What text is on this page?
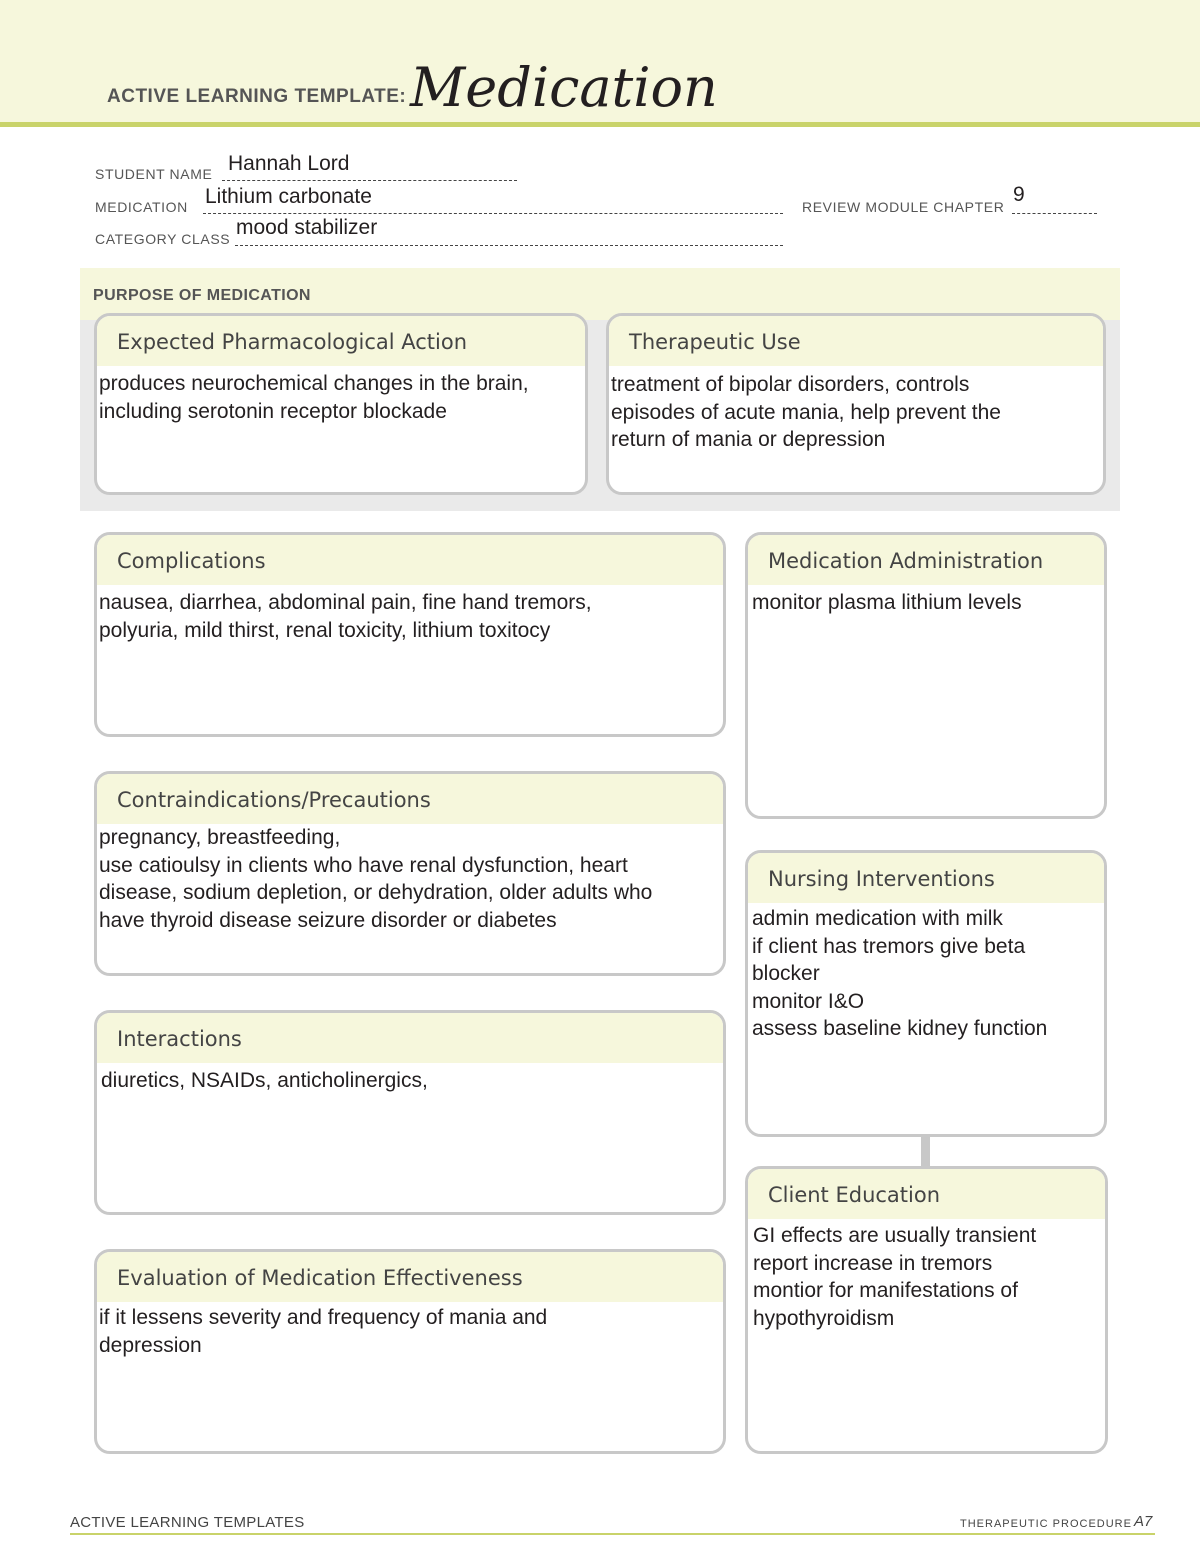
ACTIVE LEARNING TEMPLATE: Medication
STUDENT NAME Hannah Lord
MEDICATION Lithium carbonate	REVIEW MODULE CHAPTER
9
CATEGORY CLASS mood stabilizer
PURPOSE OF MEDICATION
Expected Pharmacological Action
produces neurochemical changes in the brain,
including serotonin receptor blockade
Therapeutic Use
treatment of bipolar disorders, controls
episodes of acute mania, help prevent the
return of mania or depression
Complications
nausea, diarrhea, abdominal pain, fine hand tremors,
polyuria, mild thirst, renal toxicity, lithium toxitocy
Contraindications/Precautions
pregnancy, breastfeeding,
use catioulsy in clients who have renal dysfunction, heart
disease, sodium depletion, or dehydration, older adults who
have thyroid disease seizure disorder or diabetes
Interactions
diuretics, NSAIDs, anticholinergics,
Evaluation of Medication Effectiveness
if it lessens severity and frequency of mania and
depression
Medication Administration
monitor plasma lithium levels
Nursing Interventions
admin medication with milk
if client has tremors give beta
blocker
monitor I&O
assess baseline kidney function
Client Education
GI effects are usually transient
report increase in tremors
montior for manifestations of
hypothyroidism
ACTIVE LEARNING TEMPLATES	THERAPEUTIC PROCEDURE A7
